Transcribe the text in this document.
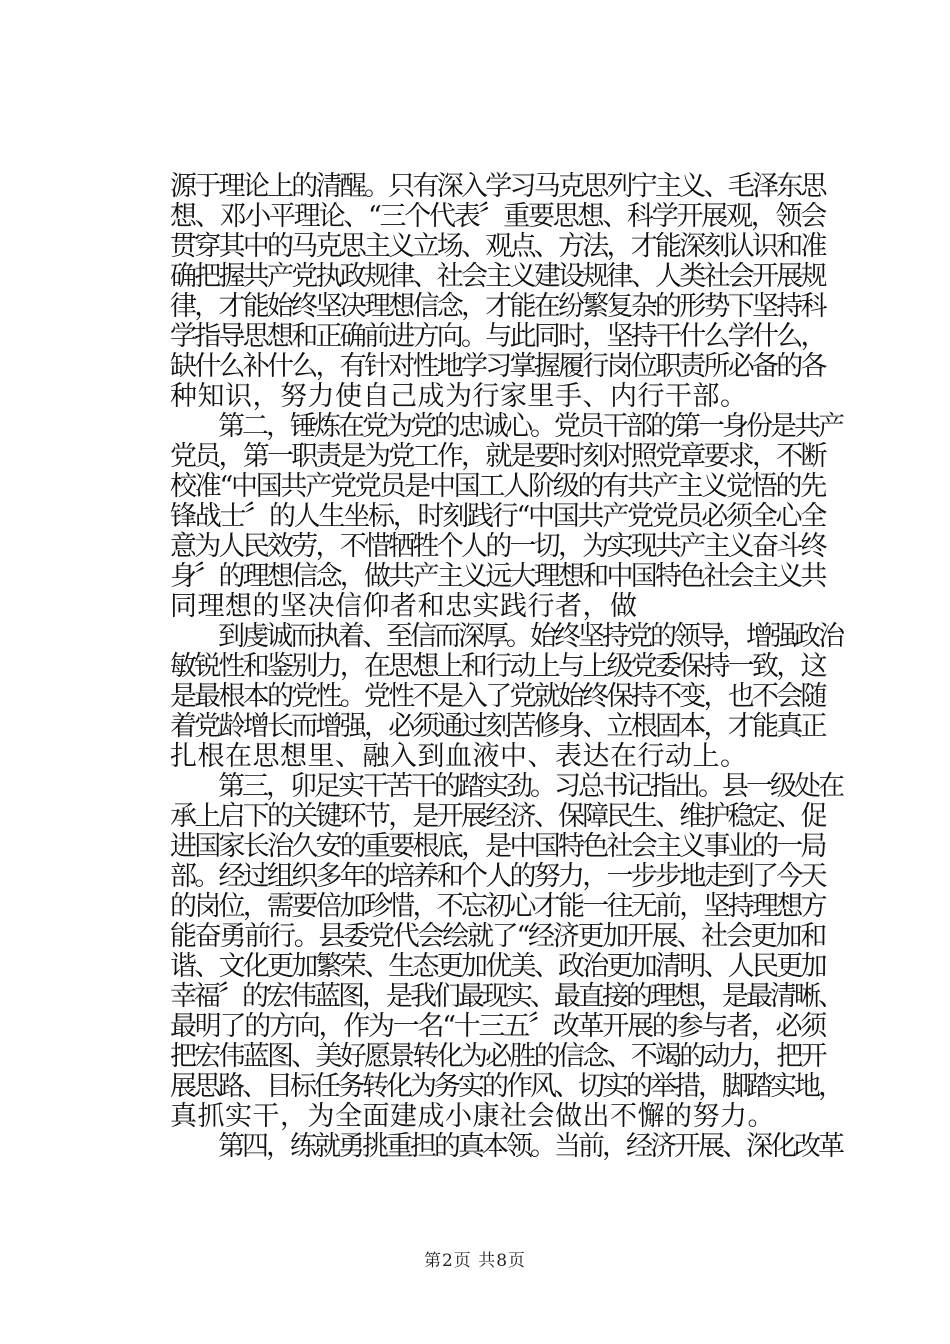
源于理论上的清醒。只有深入学习马克思列宁主义、毛泽东思
想、邓小平理论、“三个代表〞重要思想、科学开展观，领会
贯穿其中的马克思主义立场、观点、方法，才能深刻认识和准
确把握共产党执政规律、社会主义建设规律、人类社会开展规
律，才能始终坚决理想信念，才能在纷繁复杂的形势下坚持科
学指导思想和正确前进方向。与此同时，坚持干什么学什么，
缺什么补什么，有针对性地学习掌握履行岗位职责所必备的各
种知识，努力使自己成为行家里手、内行干部。
　　第二，锤炼在党为党的忠诚心。党员干部的第一身份是共产
党员，第一职责是为党工作，就是要时刻对照党章要求，不断
校准“中国共产党党员是中国工人阶级的有共产主义觉悟的先
锋战士〞的人生坐标，时刻践行“中国共产党党员必须全心全
意为人民效劳，不惜牺牲个人的一切，为实现共产主义奋斗终
身〞的理想信念，做共产主义远大理想和中国特色社会主义共
同理想的坚决信仰者和忠实践行者，做
　　到虔诚而执着、至信而深厚。始终坚持党的领导，增强政治
敏锐性和鉴别力，在思想上和行动上与上级党委保持一致，这
是最根本的党性。党性不是入了党就始终保持不变，也不会随
着党龄增长而增强，必须通过刻苦修身、立根固本，才能真正
扎根在思想里、融入到血液中、表达在行动上。
　　第三，卯足实干苦干的踏实劲。习总书记指出。县一级处在
承上启下的关键环节，是开展经济、保障民生、维护稳定、促
进国家长治久安的重要根底，是中国特色社会主义事业的一局
部。经过组织多年的培养和个人的努力，一步步地走到了今天
的岗位，需要倍加珍惜，不忘初心才能一往无前，坚持理想方
能奋勇前行。县委党代会绘就了“经济更加开展、社会更加和
谐、文化更加繁荣、生态更加优美、政治更加清明、人民更加
幸福〞的宏伟蓝图，是我们最现实、最直接的理想，是最清晰、
最明了的方向，作为一名“十三五〞改革开展的参与者，必须
把宏伟蓝图、美好愿景转化为必胜的信念、不竭的动力，把开
展思路、目标任务转化为务实的作风、切实的举措，脚踏实地，
真抓实干，为全面建成小康社会做出不懈的努力。
　　第四，练就勇挑重担的真本领。当前，经济开展、深化改革
第2页 共8页
